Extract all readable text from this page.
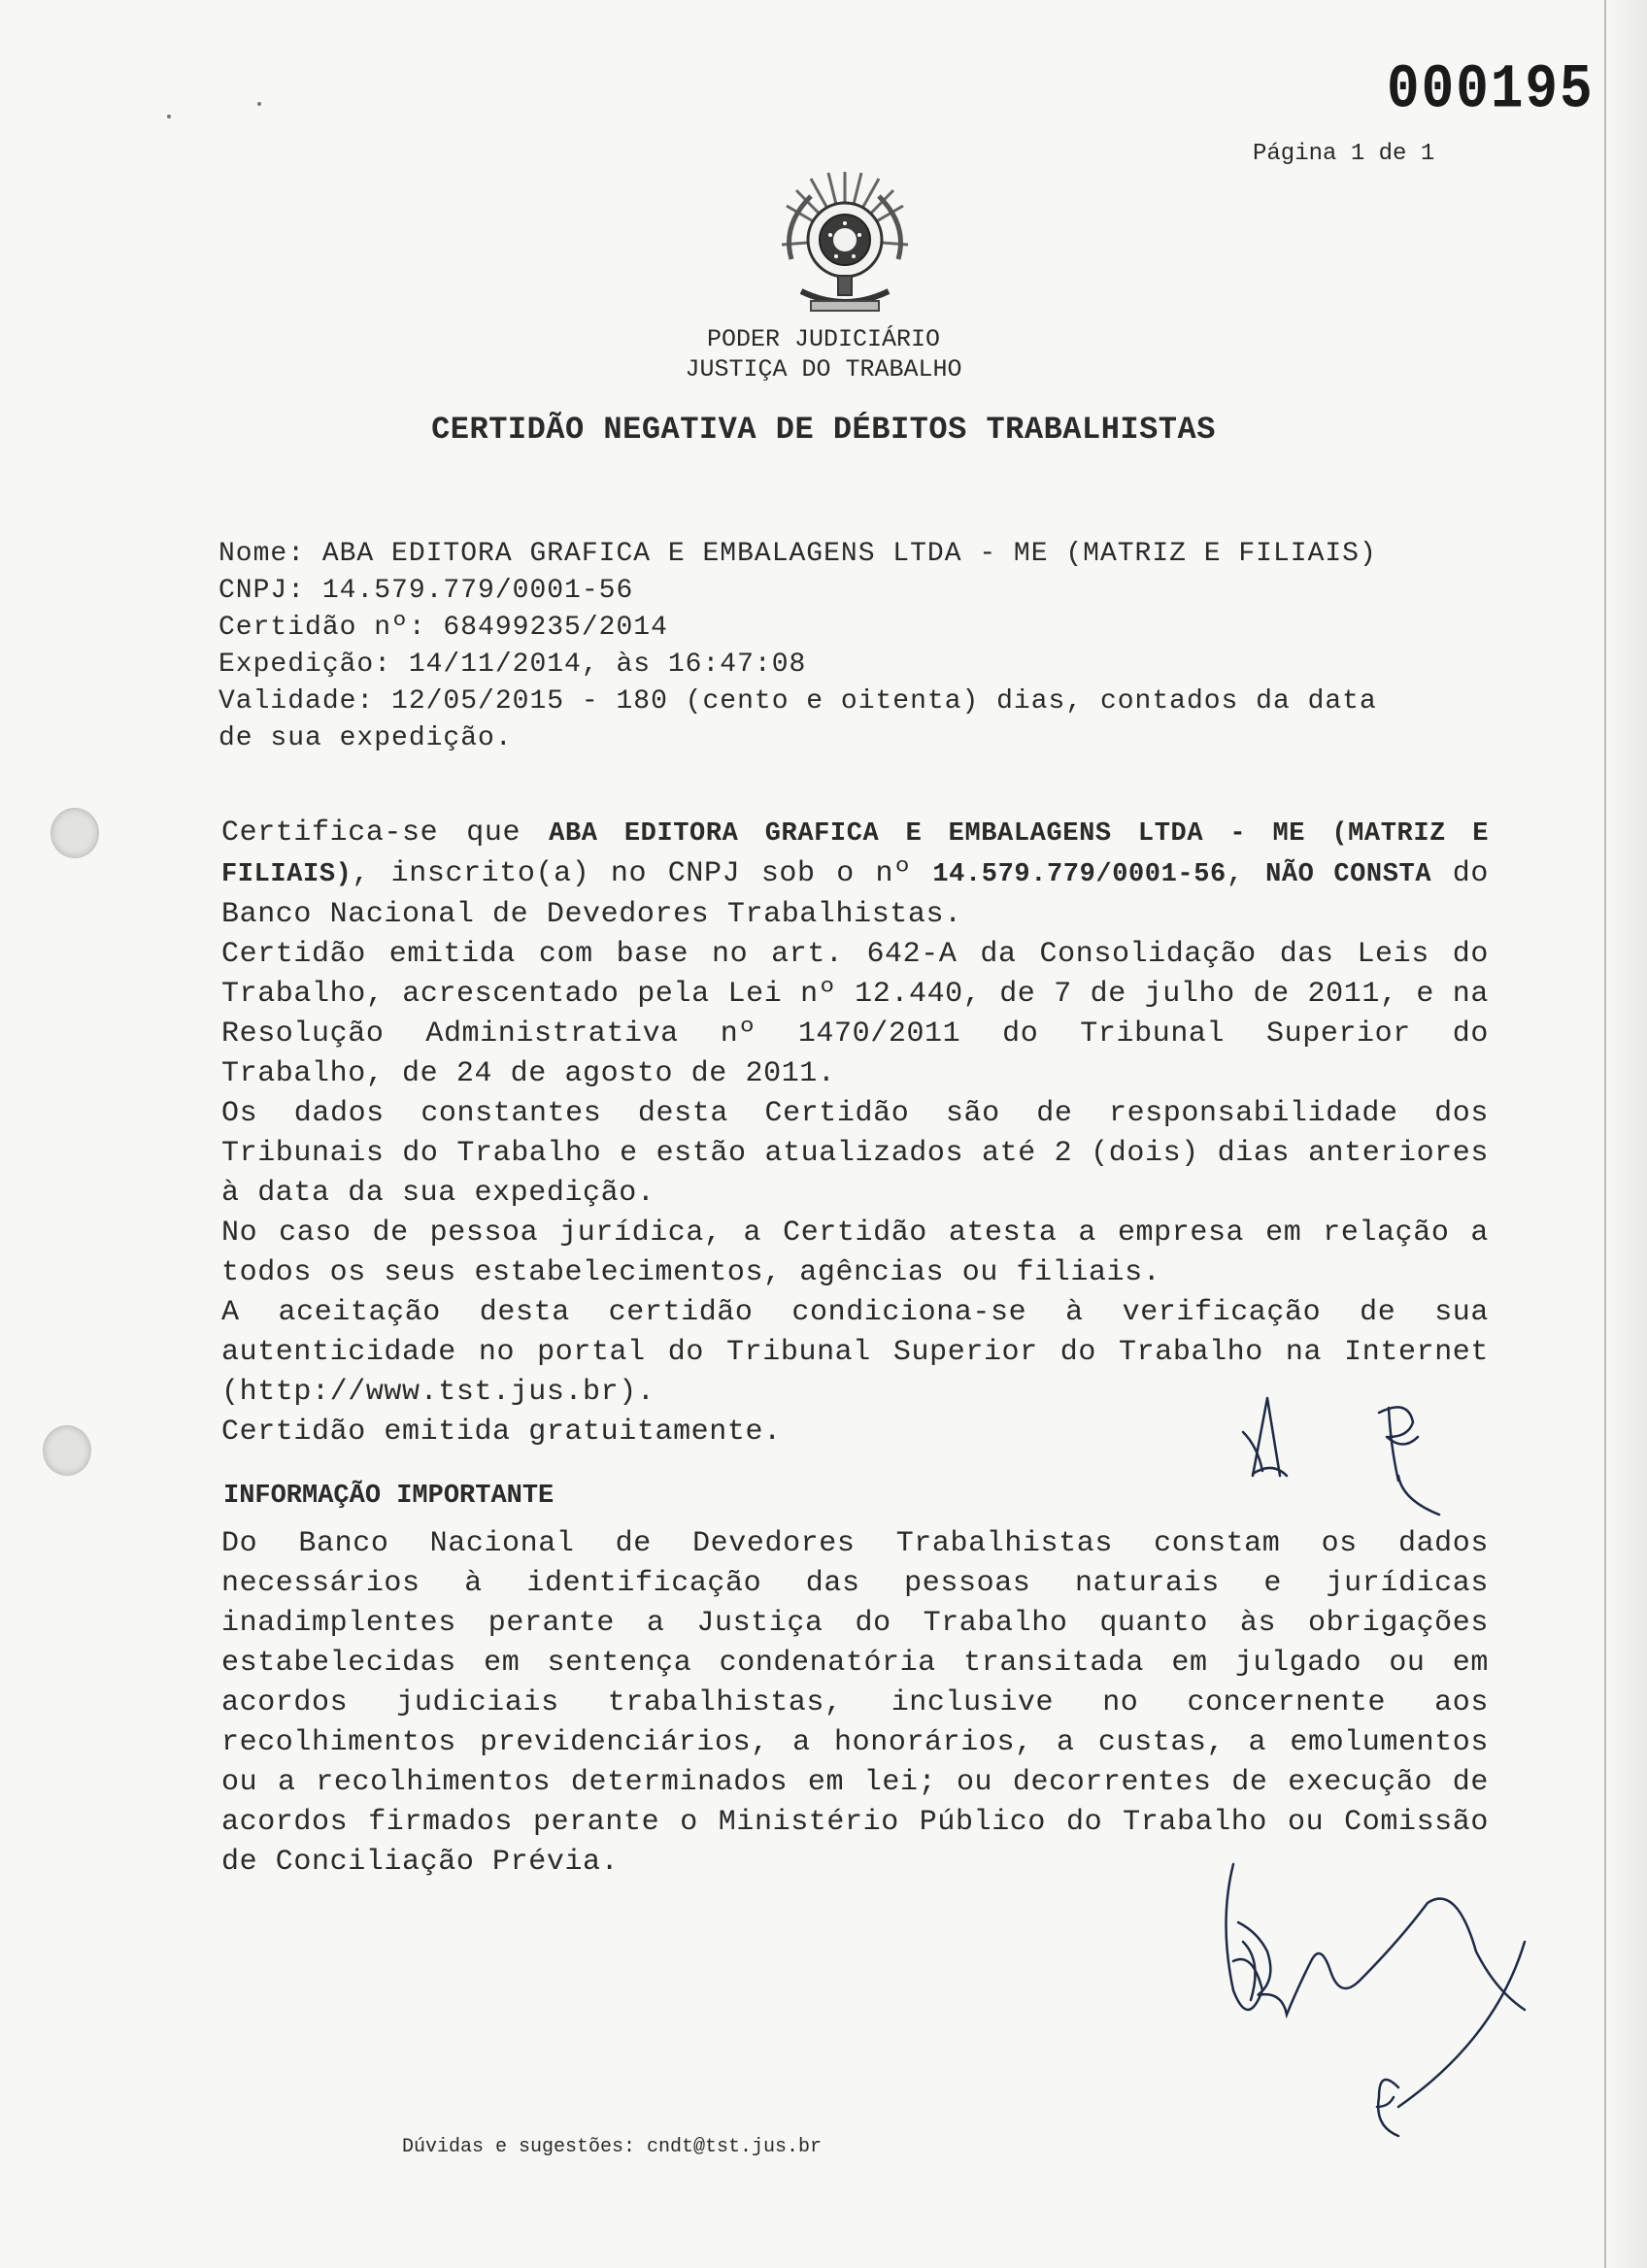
000195
Página 1 de 1
PODER JUDICIÁRIO
JUSTIÇA DO TRABALHO
CERTIDÃO NEGATIVA DE DÉBITOS TRABALHISTAS
Nome: ABA EDITORA GRAFICA E EMBALAGENS LTDA - ME (MATRIZ E FILIAIS)
CNPJ: 14.579.779/0001-56
Certidão nº: 68499235/2014
Expedição: 14/11/2014, às 16:47:08
Validade: 12/05/2015 - 180 (cento e oitenta) dias, contados da data
de sua expedição.

Certifica-se que ABA EDITORA GRAFICA E EMBALAGENS LTDA - ME (MATRIZ E FILIAIS), inscrito(a) no CNPJ sob o nº 14.579.779/0001-56, NÃO CONSTA do Banco Nacional de Devedores Trabalhistas.

Certidão emitida com base no art. 642-A da Consolidação das Leis do Trabalho, acrescentado pela Lei nº 12.440, de 7 de julho de 2011, e na Resolução Administrativa nº 1470/2011 do Tribunal Superior do Trabalho, de 24 de agosto de 2011.

Os dados constantes desta Certidão são de responsabilidade dos Tribunais do Trabalho e estão atualizados até 2 (dois) dias anteriores à data da sua expedição.

No caso de pessoa jurídica, a Certidão atesta a empresa em relação a todos os seus estabelecimentos, agências ou filiais.

A aceitação desta certidão condiciona-se à verificação de sua autenticidade no portal do Tribunal Superior do Trabalho na Internet (http://www.tst.jus.br).

Certidão emitida gratuitamente.

INFORMAÇÃO IMPORTANTE

Do Banco Nacional de Devedores Trabalhistas constam os dados necessários à identificação das pessoas naturais e jurídicas inadimplentes perante a Justiça do Trabalho quanto às obrigações estabelecidas em sentença condenatória transitada em julgado ou em acordos judiciais trabalhistas, inclusive no concernente aos recolhimentos previdenciários, a honorários, a custas, a emolumentos ou a recolhimentos determinados em lei; ou decorrentes de execução de acordos firmados perante o Ministério Público do Trabalho ou Comissão de Conciliação Prévia.

Dúvidas e sugestões: cndt@tst.jus.br
